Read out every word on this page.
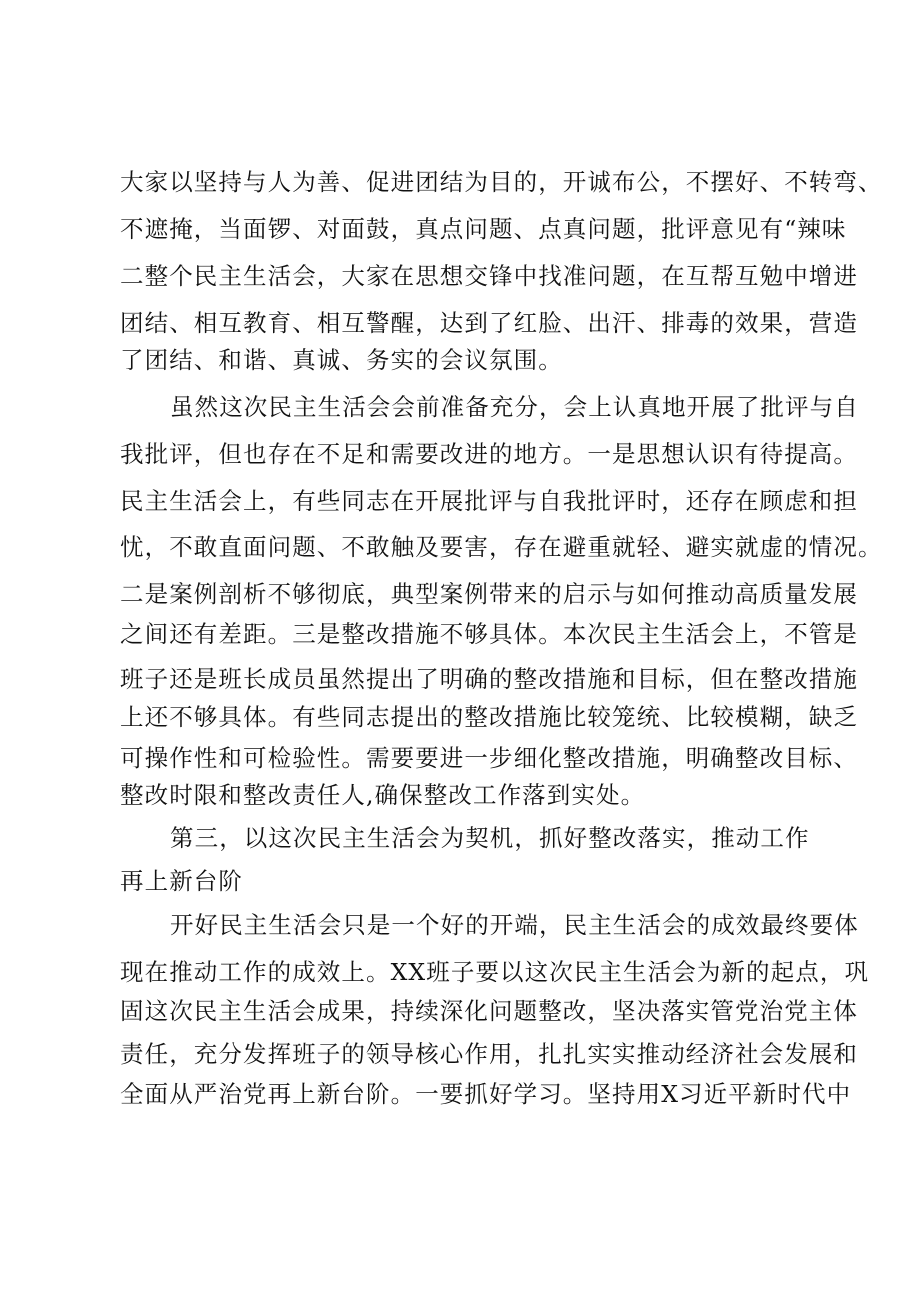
大家以坚持与人为善、促进团结为目的，开诚布公，不摆好、不转弯、
不遮掩，当面锣、对面鼓，真点问题、点真问题，批评意见有“辣味
二整个民主生活会，大家在思想交锋中找准问题，在互帮互勉中增进
团结、相互教育、相互警醒，达到了红脸、出汗、排毒的效果，营造
了团结、和谐、真诚、务实的会议氛围。
虽然这次民主生活会会前准备充分，会上认真地开展了批评与自
我批评，但也存在不足和需要改进的地方。一是思想认识有待提高。
民主生活会上，有些同志在开展批评与自我批评时，还存在顾虑和担
忧，不敢直面问题、不敢触及要害，存在避重就轻、避实就虚的情况。
二是案例剖析不够彻底，典型案例带来的启示与如何推动高质量发展
之间还有差距。三是整改措施不够具体。本次民主生活会上，不管是
班子还是班长成员虽然提出了明确的整改措施和目标，但在整改措施
上还不够具体。有些同志提出的整改措施比较笼统、比较模糊，缺乏
可操作性和可检验性。需要要进一步细化整改措施，明确整改目标、
整改时限和整改责任人,确保整改工作落到实处。
第三，以这次民主生活会为契机，抓好整改落实，推动工作
再上新台阶
开好民主生活会只是一个好的开端，民主生活会的成效最终要体
现在推动工作的成效上。XX班子要以这次民主生活会为新的起点，巩
固这次民主生活会成果，持续深化问题整改，坚决落实管党治党主体
责任，充分发挥班子的领导核心作用，扎扎实实推动经济社会发展和
全面从严治党再上新台阶。一要抓好学习。坚持用X习近平新时代中
